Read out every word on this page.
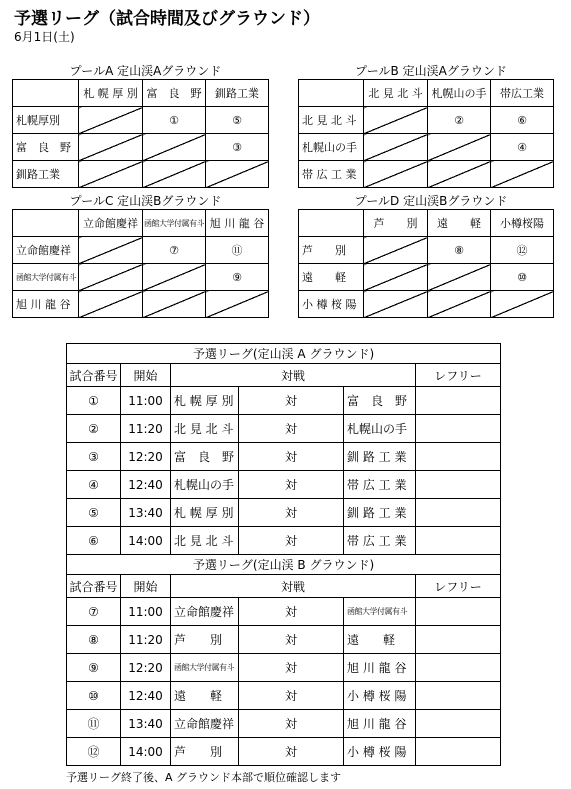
予選リーグ（試合時間及びグラウンド）
6月1日(土)
プールA 定山渓Aグラウンド
	札 幌 厚 別	富　良　野	釧路工業
札幌厚別		①	⑤
富　良　野			③
釧路工業			
プールB 定山渓Aグラウンド
	北 見 北 斗	札幌山の手	帯広工業
北 見 北 斗		②	⑥
札幌山の手			④
帯 広 工 業			
プールC 定山渓Bグラウンド
	立命館慶祥	函館大学付属有斗	旭 川 龍 谷
立命館慶祥		⑦	⑪
函館大学付属有斗			⑨
旭 川 龍 谷			
プールD 定山渓Bグラウンド
	芦　　別	遠　　軽	小樽桜陽
芦　　別		⑧	⑫
遠　　軽			⑩
小 樽 桜 陽			
予選リーグ(定山渓 A グラウンド)					
試合番号	開始	対戦			レフリー
①	11:00	札 幌 厚 別	対	富　良　野	
②	11:20	北 見 北 斗	対	札幌山の手	
③	12:20	富　良　野	対	釧 路 工 業	
④	12:40	札幌山の手	対	帯 広 工 業	
⑤	13:40	札 幌 厚 別	対	釧 路 工 業	
⑥	14:00	北 見 北 斗	対	帯 広 工 業	
予選リーグ(定山渓 B グラウンド)					
試合番号	開始	対戦			レフリー
⑦	11:00	立命館慶祥	対	函館大学付属有斗	
⑧	11:20	芦　　別	対	遠　　軽	
⑨	12:20	函館大学付属有斗	対	旭 川 龍 谷	
⑩	12:40	遠　　軽	対	小 樽 桜 陽	
⑪	13:40	立命館慶祥	対	旭 川 龍 谷	
⑫	14:00	芦　　別	対	小 樽 桜 陽	
予選リーグ終了後、A グラウンド本部で順位確認します
